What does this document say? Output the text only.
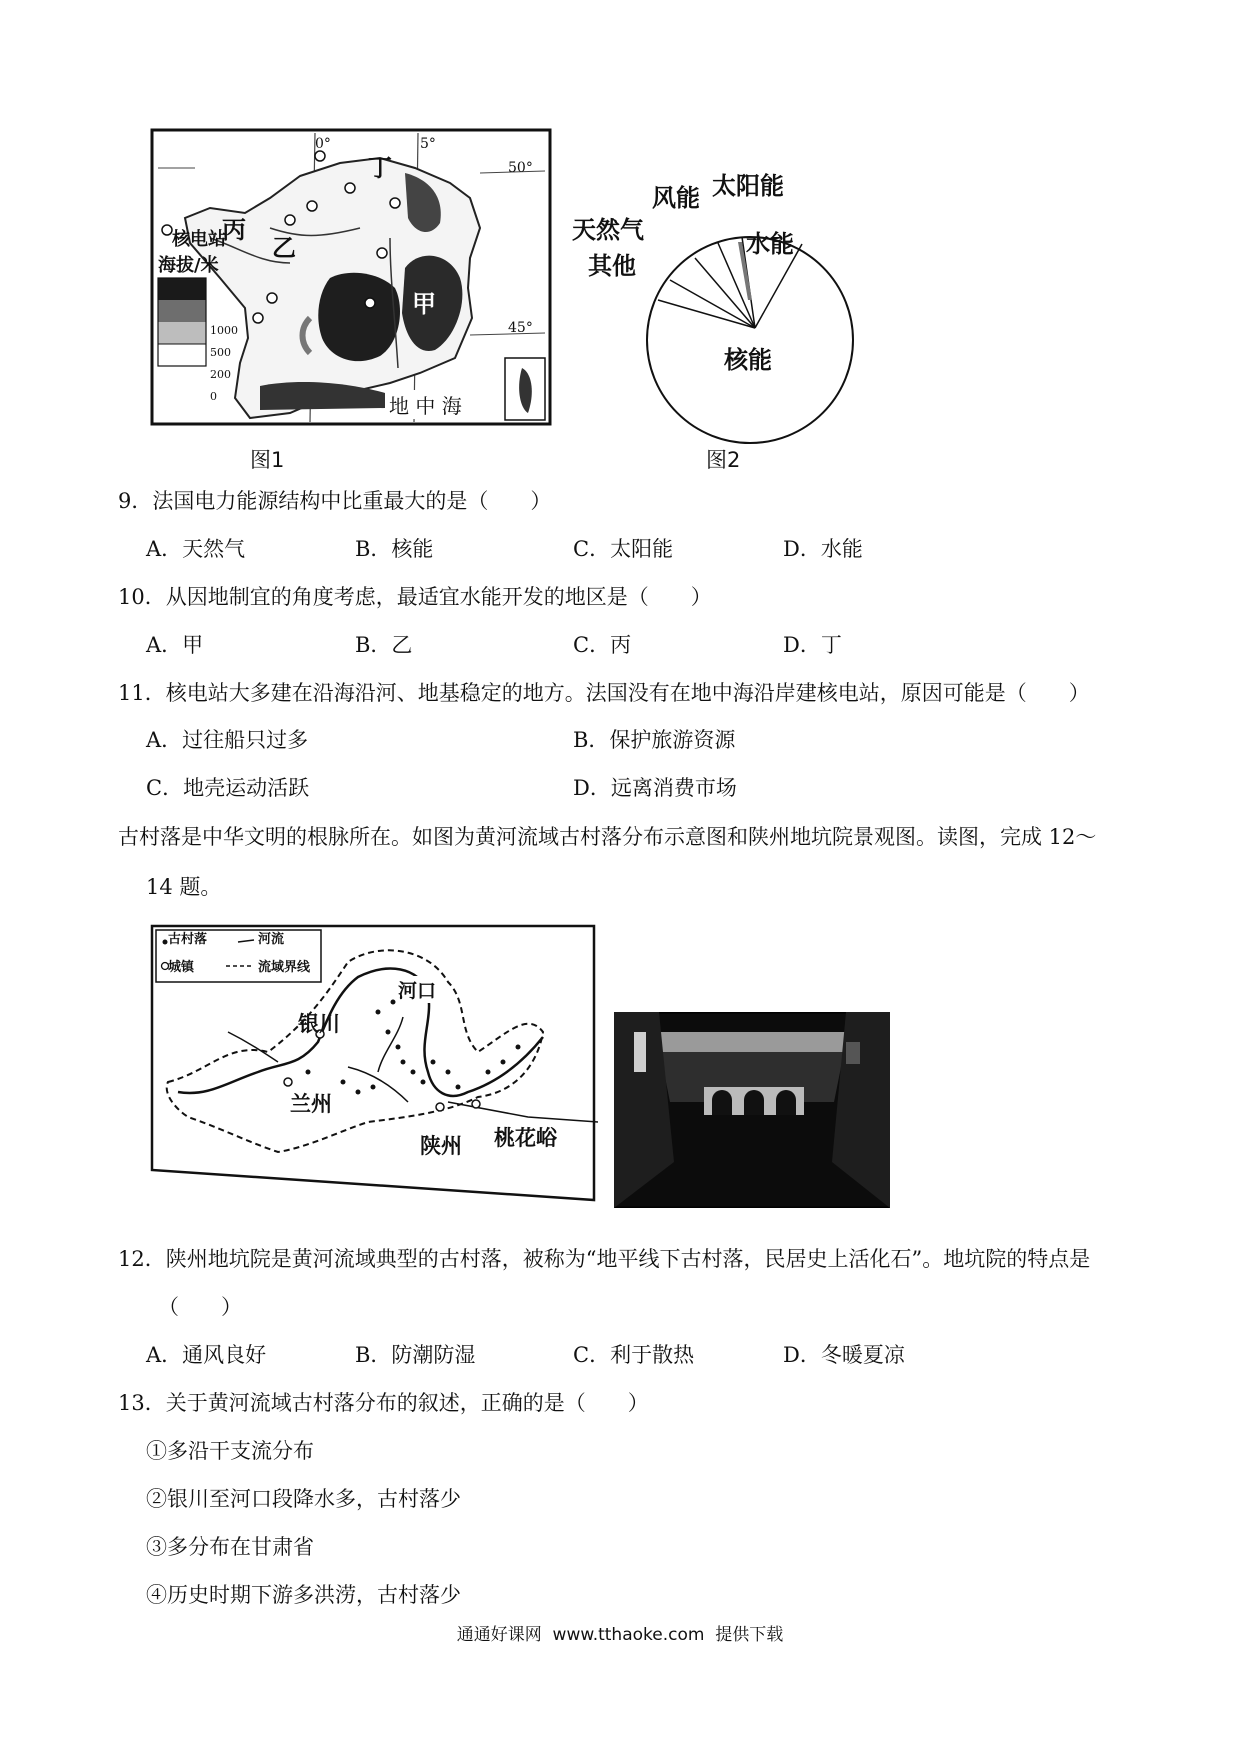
0°	5°
50°
45°
丙
乙
甲
丁
核电站
海拔/米
1000
500
200
0	地 中 海
图1
风能 太阳能
天然气	水能
其他
核能
图2
9．法国电力能源结构中比重最大的是（　　）
A．天然气	B．核能	C．太阳能	D．水能
10．从因地制宜的角度考虑，最适宜水能开发的地区是（　　）
A．甲	B．乙	C．丙	D．丁
11．核电站大多建在沿海沿河、地基稳定的地方。法国没有在地中海沿岸建核电站，原因可能是（　　）
A．过往船只过多	B．保护旅游资源
C．地壳运动活跃	D．远离消费市场
古村落是中华文明的根脉所在。如图为黄河流域古村落分布示意图和陕州地坑院景观图。读图，完成 12～
14 题。
古村落	河流
城镇	流域界线
河口
银川
兰州
陕州 桃花峪
12．陕州地坑院是黄河流域典型的古村落，被称为“地平线下古村落，民居史上活化石”。地坑院的特点是
（　　）
A．通风良好	B．防潮防湿	C．利于散热	D．冬暖夏凉
13．关于黄河流域古村落分布的叙述，正确的是（　　）
①多沿干支流分布
②银川至河口段降水多，古村落少
③多分布在甘肃省
④历史时期下游多洪涝，古村落少
通通好课网  www.tthaoke.com  提供下载
